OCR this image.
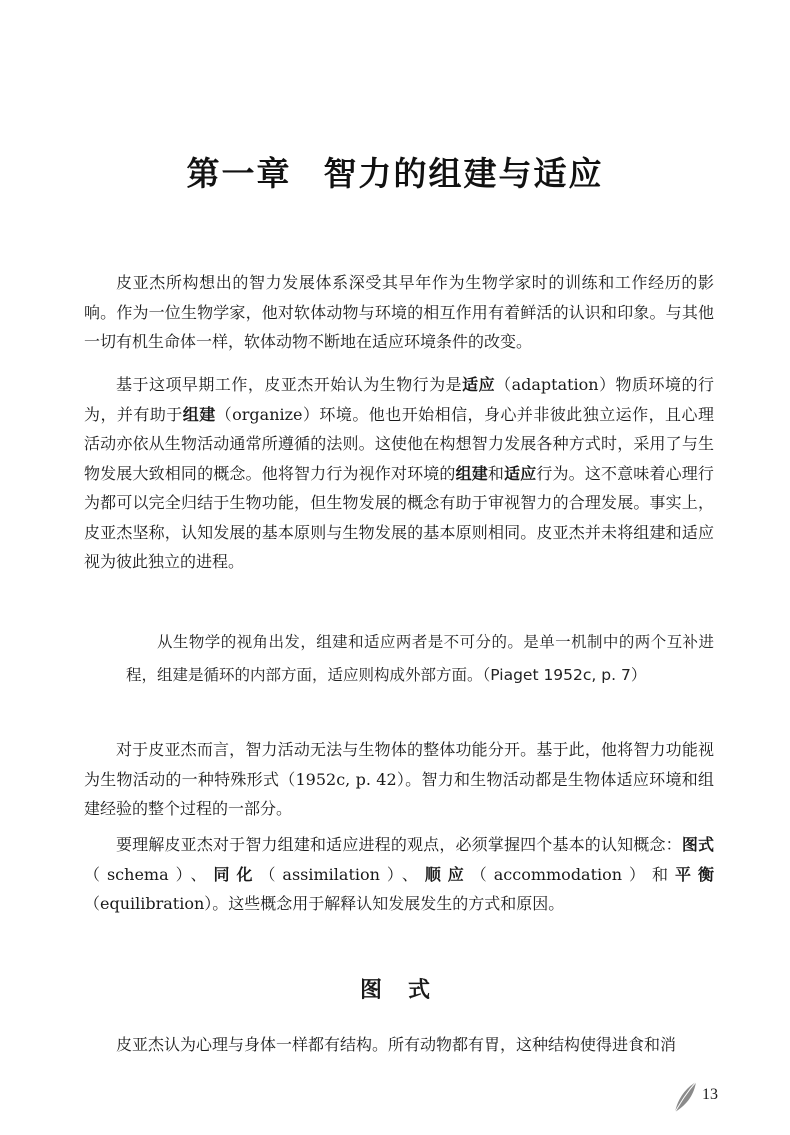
第一章 智力的组建与适应

皮亚杰所构想出的智力发展体系深受其早年作为生物学家时的训练和工作经历的影响。作为一位生物学家，他对软体动物与环境的相互作用有着鲜活的认识和印象。与其他一切有机生命体一样，软体动物不断地在适应环境条件的改变。

基于这项早期工作，皮亚杰开始认为生物行为是适应（adaptation）物质环境的行为，并有助于组建（organize）环境。他也开始相信，身心并非彼此独立运作，且心理活动亦依从生物活动通常所遵循的法则。这使他在构想智力发展各种方式时，采用了与生物发展大致相同的概念。他将智力行为视作对环境的组建和适应行为。这不意味着心理行为都可以完全归结于生物功能，但生物发展的概念有助于审视智力的合理发展。事实上，皮亚杰坚称，认知发展的基本原则与生物发展的基本原则相同。皮亚杰并未将组建和适应视为彼此独立的进程。

从生物学的视角出发，组建和适应两者是不可分的。是单一机制中的两个互补进程，组建是循环的内部方面，适应则构成外部方面。（Piaget 1952c, p. 7）

对于皮亚杰而言，智力活动无法与生物体的整体功能分开。基于此，他将智力功能视为生物活动的一种特殊形式（1952c, p. 42）。智力和生物活动都是生物体适应环境和组建经验的整个过程的一部分。

要理解皮亚杰对于智力组建和适应进程的观点，必须掌握四个基本的认知概念：图式（schema）、同化（assimilation）、顺应（accommodation）和平衡（equilibration）。这些概念用于解释认知发展发生的方式和原因。

图式

皮亚杰认为心理与身体一样都有结构。所有动物都有胃，这种结构使得进食和消

13
